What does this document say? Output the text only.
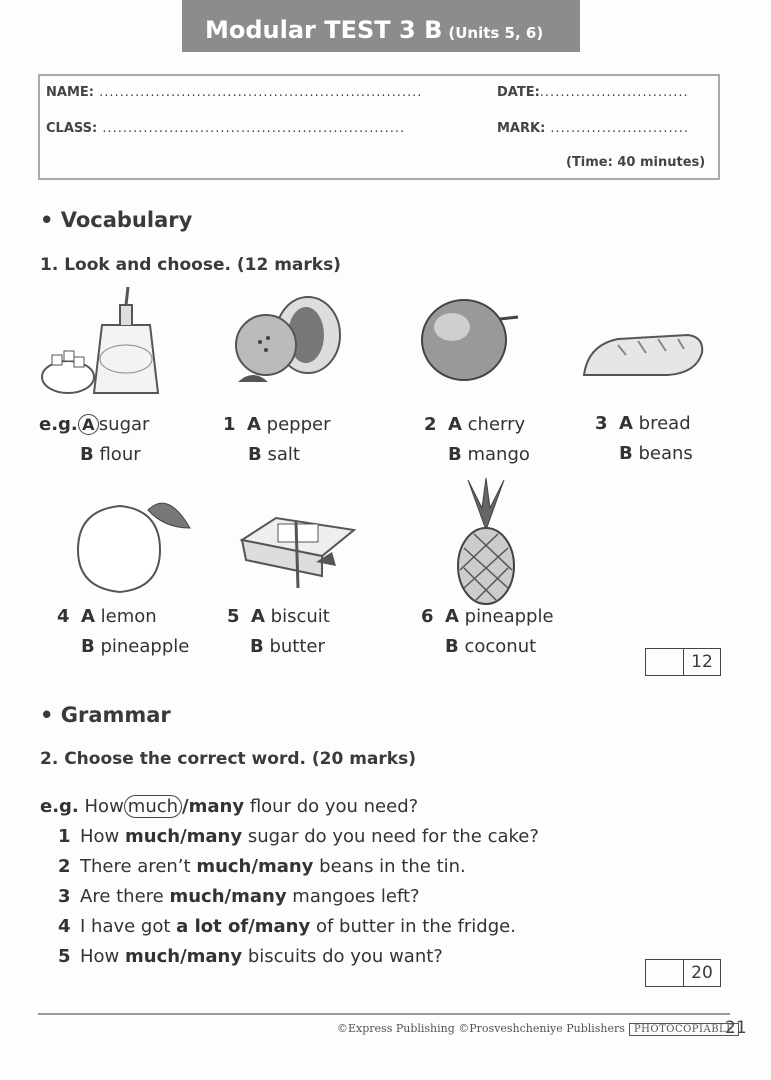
Modular TEST 3 B (Units 5, 6)
NAME: ...............................................................	DATE:.............................
CLASS: ...........................................................	MARK: ...........................
(Time: 40 minutes)
• Vocabulary
1. Look and choose. (12 marks)
e.g. A sugar
B flour
1 A pepper
B salt
2 A cherry
B mango
3 A bread
B beans
4 A lemon
B pineapple
5 A biscuit
B butter
6 A pineapple
B coconut
12
• Grammar
2. Choose the correct word. (20 marks)
e.g. How much /many flour do you need?
1 How much/many sugar do you need for the cake?
2 There aren’t much/many beans in the tin.
3 Are there much/many mangoes left?
4 I have got a lot of/many of butter in the fridge.
5 How much/many biscuits do you want?
20
©Express Publishing ©Prosveshcheniye Publishers PHOTOCOPIABLE
21
